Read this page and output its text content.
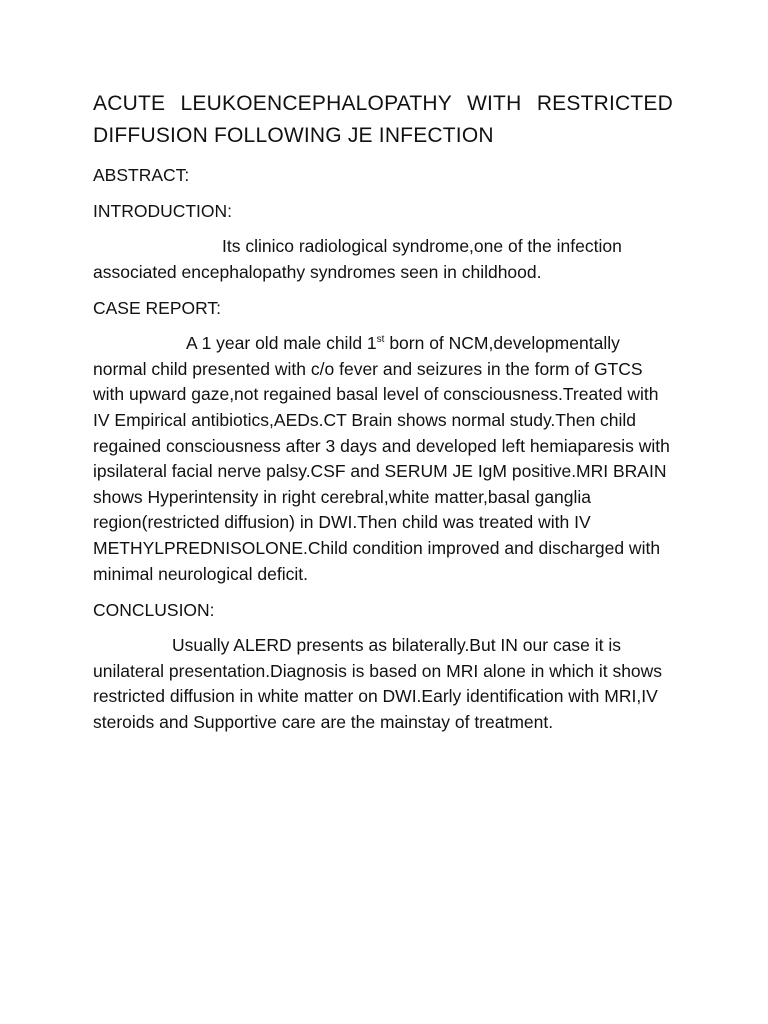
ACUTE LEUKOENCEPHALOPATHY WITH RESTRICTED
DIFFUSION FOLLOWING JE INFECTION
ABSTRACT:
INTRODUCTION:

Its clinico radiological syndrome,one of the infection associated encephalopathy syndromes seen in childhood.

CASE REPORT:

A 1 year old male child 1st born of NCM,developmentally normal child presented with c/o fever and seizures in the form of GTCS with upward gaze,not regained basal level of consciousness.Treated with IV Empirical antibiotics,AEDs.CT Brain shows normal study.Then child regained consciousness after 3 days and developed left hemiaparesis with ipsilateral facial nerve palsy.CSF and SERUM JE IgM positive.MRI BRAIN shows Hyperintensity in right cerebral,white matter,basal ganglia region(restricted diffusion) in DWI.Then child was treated with IV METHYLPREDNISOLONE.Child condition improved and discharged with minimal neurological deficit.

CONCLUSION:

Usually ALERD presents as bilaterally.But IN our case it is unilateral presentation.Diagnosis is based on MRI alone in which it shows restricted diffusion in white matter on DWI.Early identification with MRI,IV steroids and Supportive care are the mainstay of treatment.
